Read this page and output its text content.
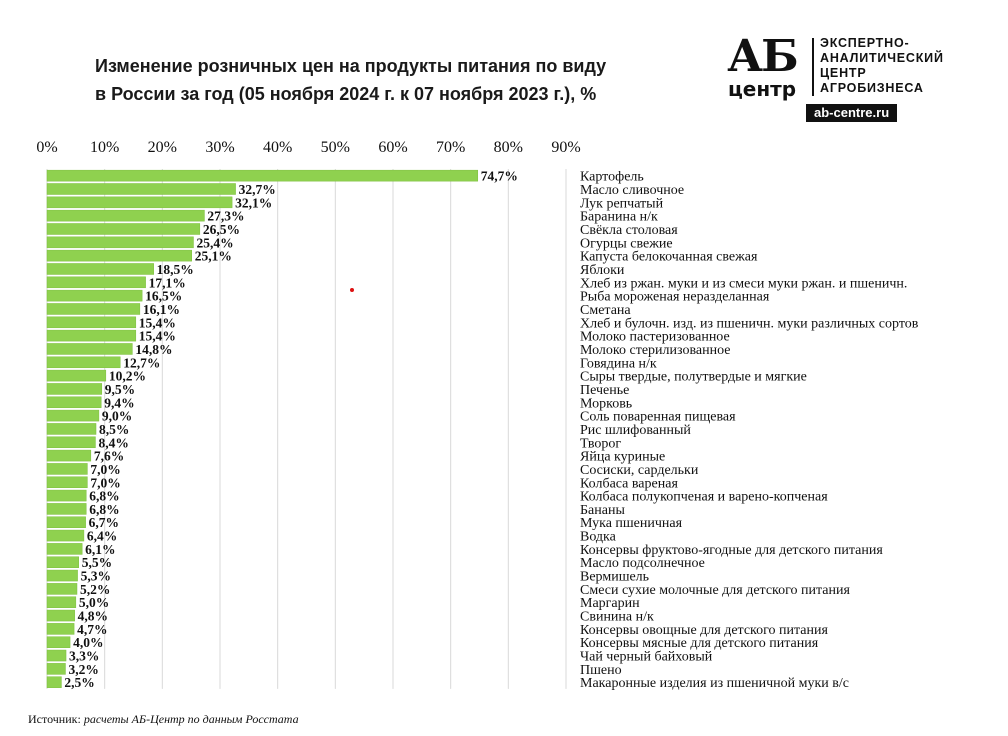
Изменение розничных цен на продукты питания по виду
в России за год (05 ноября 2024 г. к 07 ноября 2023 г.), %
АБ
центр
ЭКСПЕРТНО-
АНАЛИТИЧЕСКИЙ
ЦЕНТР
АГРОБИЗНЕСА
ab-centre.ru
0% 10% 20% 30% 40% 50% 60% 70% 80% 90%
74,7%
32,7%
32,1%
27,3%
26,5%
25,4%
25,1%
18,5%
17,1%
16,5%
16,1%
15,4%
15,4%
14,8%
12,7%
10,2%
9,5%
9,4%
9,0%
8,5%
8,4%
7,6%
7,0%
7,0%
6,8%
6,8%
6,7%
6,4%
6,1%
5,5%
5,3%
5,2%
5,0%
4,8%
4,7%
4,0%
3,3%
3,2%
2,5%
Картофель
Масло сливочное
Лук репчатый
Баранина н/к
Свёкла столовая
Огурцы свежие
Капуста белокочанная свежая
Яблоки
Хлеб из ржан. муки и из смеси муки ржан. и пшеничн.
Рыба мороженая неразделанная
Сметана
Хлеб и булочн. изд. из пшеничн. муки различных сортов
Молоко пастеризованное
Молоко стерилизованное
Говядина н/к
Сыры твердые, полутвердые и мягкие
Печенье
Морковь
Соль поваренная пищевая
Рис шлифованный
Творог
Яйца куриные
Сосиски, сардельки
Колбаса вареная
Колбаса полукопченая и варено-копченая
Бананы
Мука пшеничная
Водка
Консервы фруктово-ягодные для детского питания
Масло подсолнечное
Вермишель
Смеси сухие молочные для детского питания
Маргарин
Свинина н/к
Консервы овощные для детского питания
Консервы мясные для детского питания
Чай черный байховый
Пшено
Макаронные изделия из пшеничной муки в/с
Источник: расчеты АБ-Центр по данным Росстата
